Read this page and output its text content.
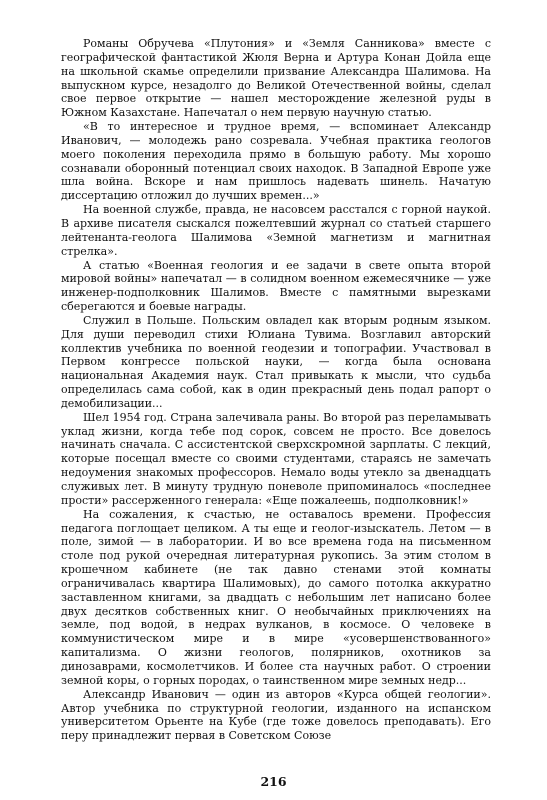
Романы Обручева «Плутония» и «Земля Санникова» вместе с географической фантастикой Жюля Верна и Артура Конан Дойла еще на школьной скамье определили призвание Александра Шалимова. На выпускном курсе, незадолго до Великой Отечественной войны, сделал свое первое открытие — нашел месторождение железной руды в Южном Казахстане. Напечатал о нем первую научную статью.

«В то интересное и трудное время, — вспоминает Александр Иванович, — молодежь рано созревала. Учебная практика геологов моего поколения переходила прямо в большую работу. Мы хорошо сознавали оборонный потенциал своих находок. В Западной Европе уже шла война. Вскоре и нам пришлось надевать шинель. Начатую диссертацию отложил до лучших времен...»

На военной службе, правда, не насовсем расстался с горной наукой. В архиве писателя сыскался пожелтевший журнал со статьей старшего лейтенанта-геолога Шалимова «Земной магнетизм и магнитная стрелка».

А статью «Военная геология и ее задачи в свете опыта второй мировой войны» напечатал — в солидном военном ежемесячнике — уже инженер-подполковник Шалимов. Вместе с памятными вырезками сберегаются и боевые награды.

Служил в Польше. Польским овладел как вторым родным языком. Для души переводил стихи Юлиана Тувима. Возглавил авторский коллектив учебника по военной геодезии и топографии. Участвовал в Первом конгрессе польской науки, — когда была основана национальная Академия наук. Стал привыкать к мысли, что судьба определилась сама собой, как в один прекрасный день подал рапорт о демобилизации...

Шел 1954 год. Страна залечивала раны. Во второй раз переламывать уклад жизни, когда тебе под сорок, совсем не просто. Все довелось начинать сначала. С ассистентской сверхскромной зарплаты. С лекций, которые посещал вместе со своими студентами, стараясь не замечать недоумения знакомых профессоров. Немало воды утекло за двенадцать служивых лет. В минуту трудную поневоле припоминалось «последнее прости» рассерженного генерала: «Еще пожалеешь, подполковник!»

На сожаления, к счастью, не оставалось времени. Профессия педагога поглощает целиком. А ты еще и геолог-изыскатель. Летом — в поле, зимой — в лаборатории. И во все времена года на письменном столе под рукой очередная литературная рукопись. За этим столом в крошечном кабинете (не так давно стенами этой комнаты ограничивалась квартира Шалимовых), до самого потолка аккуратно заставленном книгами, за двадцать с небольшим лет написано более двух десятков собственных книг. О необычайных приключениях на земле, под водой, в недрах вулканов, в космосе. О человеке в коммунистическом мире и в мире «усовершенствованного» капитализма. О жизни геологов, полярников, охотников за динозаврами, космолетчиков. И более ста научных работ. О строении земной коры, о горных породах, о таинственном мире земных недр...

Александр Иванович — один из авторов «Курса общей геологии». Автор учебника по структурной геологии, изданного на испанском университетом Орьенте на Кубе (где тоже довелось преподавать). Его перу принадлежит первая в Советском Союзе

216
